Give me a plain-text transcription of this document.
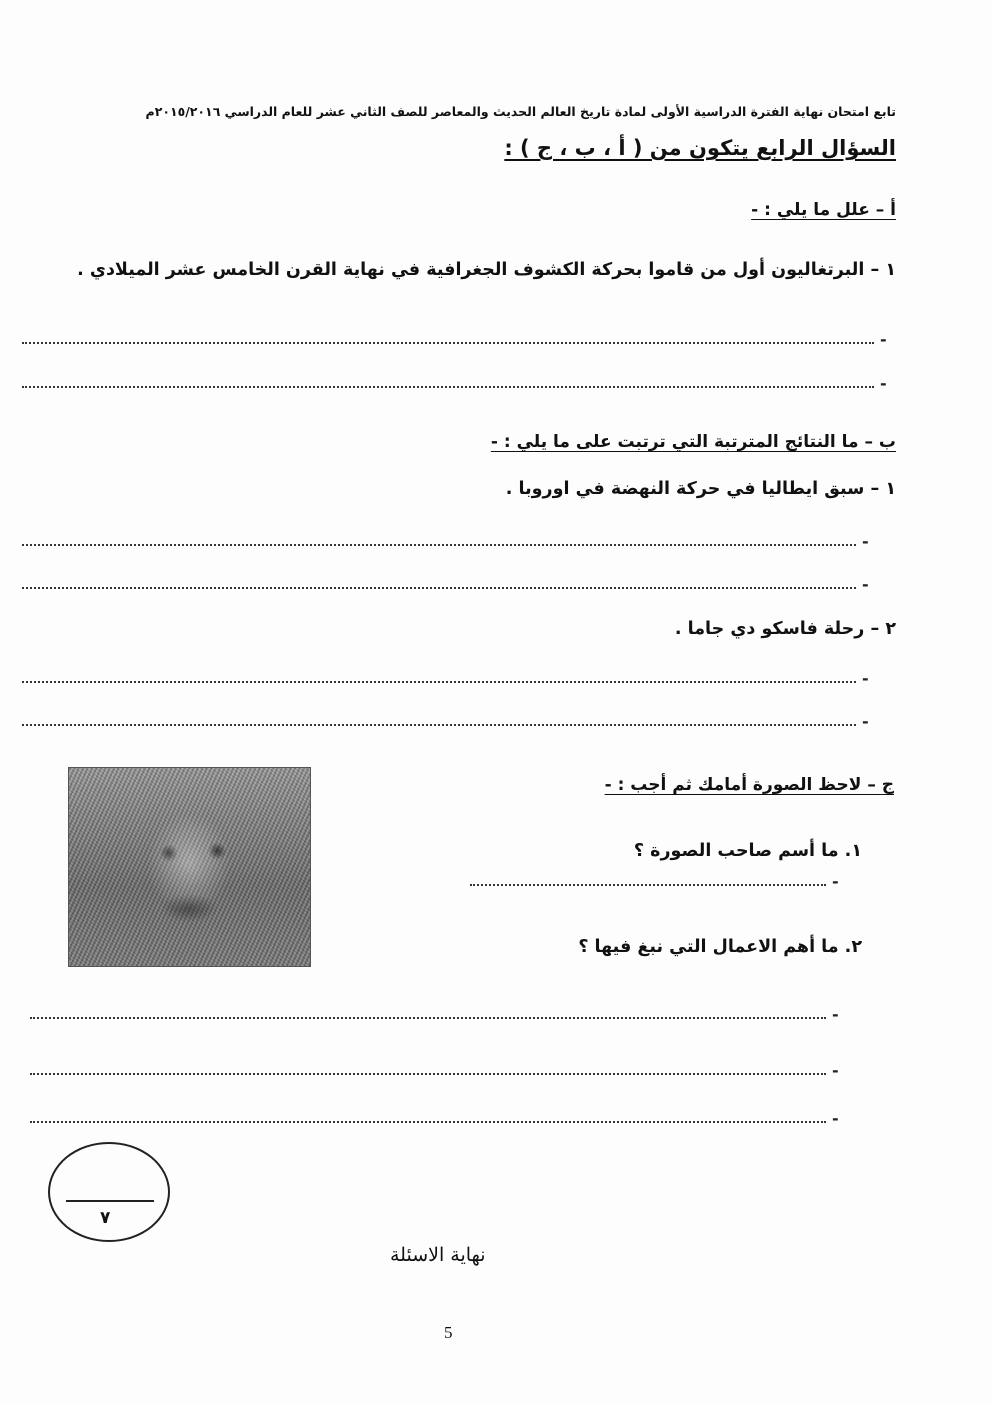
تابع امتحان نهاية الفترة الدراسية الأولى لمادة تاريخ العالم الحديث والمعاصر للصف الثاني عشر للعام الدراسي ٢٠١٥/٢٠١٦م
السؤال الرابع يتكون من ( أ ، ب ، ج ) :
أ – علل ما يلي : -
١ – البرتغاليون أول من قاموا بحركة الكشوف الجغرافية في نهاية القرن الخامس عشر الميلادي .
-
-
ب – ما النتائج المترتبة التي ترتبت على ما يلي : -
١ – سبق ايطاليا في حركة النهضة في اوروبا .
-
-
٢ – رحلة فاسكو دي جاما .
-
-
ج – لاحظ الصورة أمامك ثم أجب : -
١. ما أسم صاحب الصورة ؟
-
٢. ما أهم الاعمال التي نبغ فيها ؟
-
-
-
٧
نهاية الاسئلة
5
